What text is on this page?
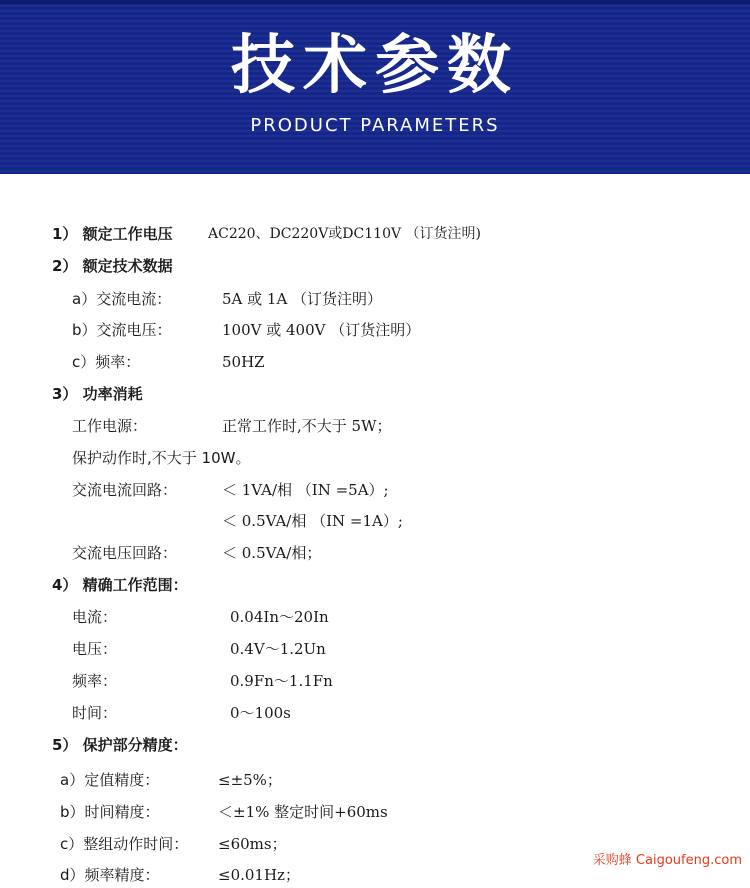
技术参数
PRODUCT PARAMETERS
1） 额定工作电压	AC220、DC220V或DC110V （订货注明)
2） 额定技术数据
a）交流电流：	5A 或 1A （订货注明）
b）交流电压：	100V 或 400V （订货注明）
c）频率：	50HZ
3） 功率消耗
工作电源：	正常工作时,不大于 5W；
保护动作时,不大于 10W。
交流电流回路：	＜ 1VA/相 （IN =5A）;
＜ 0.5VA/相 （IN =1A）;
交流电压回路：	＜ 0.5VA/相；
4） 精确工作范围：
电流：	0.04In～20In
电压：	0.4V～1.2Un
频率：	0.9Fn～1.1Fn
时间：	0～100s
5） 保护部分精度：
a）定值精度：	≤±5%；
b）时间精度：	＜±1% 整定时间+60ms
c）整组动作时间： ≤60ms；
d）频率精度：	≤0.01Hz；
采购蜂 Caigoufeng.com
